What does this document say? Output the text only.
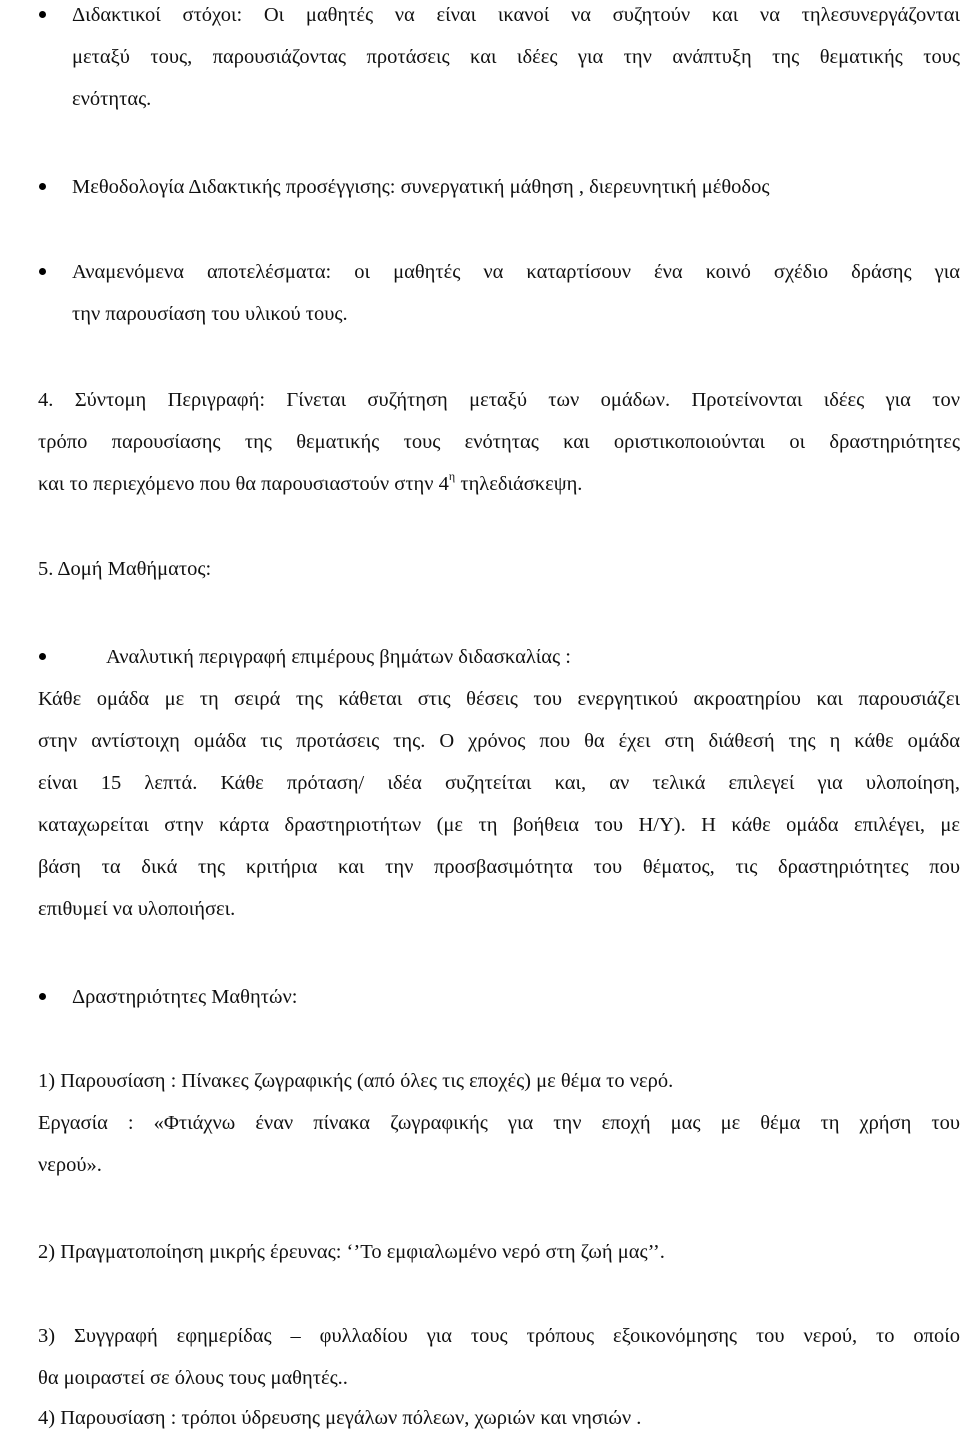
Διδακτικοί στόχοι: Οι μαθητές να είναι ικανοί να συζητούν και να τηλεσυνεργάζονται
μεταξύ τους, παρουσιάζοντας προτάσεις και ιδέες για την ανάπτυξη της θεματικής τους
ενότητας.
Μεθοδολογία Διδακτικής προσέγγισης: συνεργατική μάθηση , διερευνητική μέθοδος
Αναμενόμενα αποτελέσματα: οι μαθητές να καταρτίσουν ένα κοινό σχέδιο δράσης για
την παρουσίαση του υλικού τους.
4. Σύντομη Περιγραφή: Γίνεται συζήτηση μεταξύ των ομάδων. Προτείνονται ιδέες για τον
τρόπο παρουσίασης της θεματικής τους ενότητας και οριστικοποιούνται οι δραστηριότητες
και το περιεχόμενο που θα παρουσιαστούν στην $4^\eta$ τηλεδιάσκεψη.
5. Δομή Μαθήματος:
Αναλυτική περιγραφή επιμέρους βημάτων διδασκαλίας :
Κάθε ομάδα με τη σειρά της κάθεται στις θέσεις του ενεργητικού ακροατηρίου και παρουσιάζει
στην αντίστοιχη ομάδα τις προτάσεις της. Ο χρόνος που θα έχει στη διάθεσή της η κάθε ομάδα
είναι 15 λεπτά. Κάθε πρόταση/ ιδέα συζητείται και, αν τελικά επιλεγεί για υλοποίηση,
καταχωρείται στην κάρτα δραστηριοτήτων (με τη βοήθεια του Η/Υ). Η κάθε ομάδα επιλέγει, με
βάση τα δικά της κριτήρια και την προσβασιμότητα του θέματος, τις δραστηριότητες που
επιθυμεί να υλοποιήσει.
Δραστηριότητες Μαθητών:
1) Παρουσίαση : Πίνακες ζωγραφικής (από όλες τις εποχές) με θέμα το νερό.
Εργασία : «Φτιάχνω έναν πίνακα ζωγραφικής για την εποχή μας με θέμα τη χρήση του
νερού».
2) Πραγματοποίηση μικρής έρευνας: ‘’Το εμφιαλωμένο νερό στη ζωή μας’’.
3) Συγγραφή εφημερίδας – φυλλαδίου για τους τρόπους εξοικονόμησης του νερού, το οποίο
θα μοιραστεί σε όλους τους μαθητές..
4) Παρουσίαση : τρόποι ύδρευσης μεγάλων πόλεων, χωριών και νησιών .
